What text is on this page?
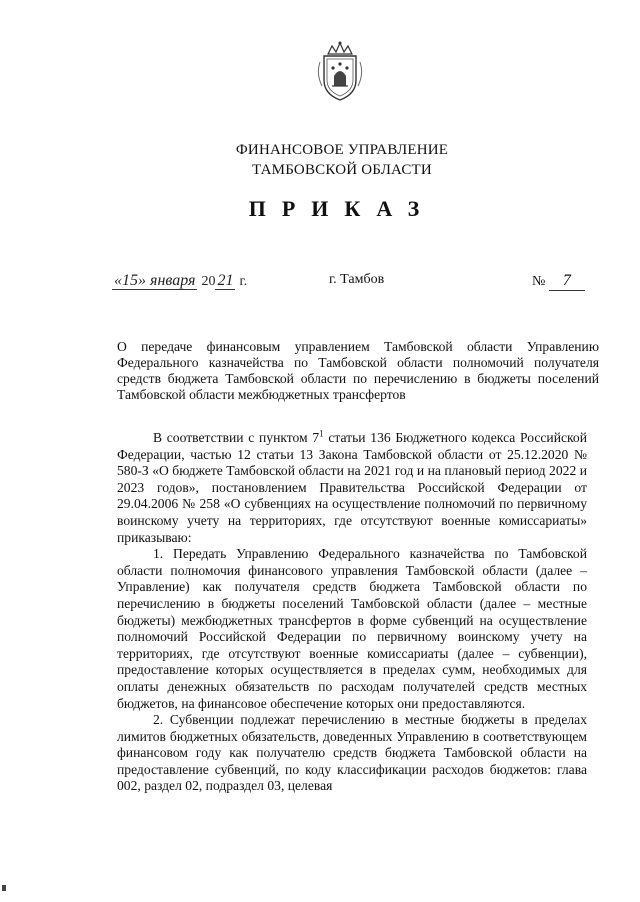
ФИНАНСОВОЕ УПРАВЛЕНИЕ
ТАМБОВСКОЙ ОБЛАСТИ
ПРИКАЗ
«15» января 20 21 г.	г. Тамбов	№ 7
О передаче финансовым управлением Тамбовской области Управлению Федерального казначейства по Тамбовской области полномочий получателя средств бюджета Тамбовской области по перечислению в бюджеты поселений Тамбовской области межбюджетных трансфертов

В соответствии с пунктом $7^1$ статьи 136 Бюджетного кодекса Российской Федерации, частью 12 статьи 13 Закона Тамбовской области от 25.12.2020 № 580-З «О бюджете Тамбовской области на 2021 год и на плановый период 2022 и 2023 годов», постановлением Правительства Российской Федерации от 29.04.2006 № 258 «О субвенциях на осуществление полномочий по первичному воинскому учету на территориях, где отсутствуют военные комиссариаты» приказываю:

1. Передать Управлению Федерального казначейства по Тамбовской области полномочия финансового управления Тамбовской области (далее – Управление) как получателя средств бюджета Тамбовской области по перечислению в бюджеты поселений Тамбовской области (далее – местные бюджеты) межбюджетных трансфертов в форме субвенций на осуществление полномочий Российской Федерации по первичному воинскому учету на территориях, где отсутствуют военные комиссариаты (далее – субвенции), предоставление которых осуществляется в пределах сумм, необходимых для оплаты денежных обязательств по расходам получателей средств местных бюджетов, на финансовое обеспечение которых они предоставляются.

2. Субвенции подлежат перечислению в местные бюджеты в пределах лимитов бюджетных обязательств, доведенных Управлению в соответствующем финансовом году как получателю средств бюджета Тамбовской области на предоставление субвенций, по коду классификации расходов бюджетов: глава 002, раздел 02, подраздел 03, целевая
